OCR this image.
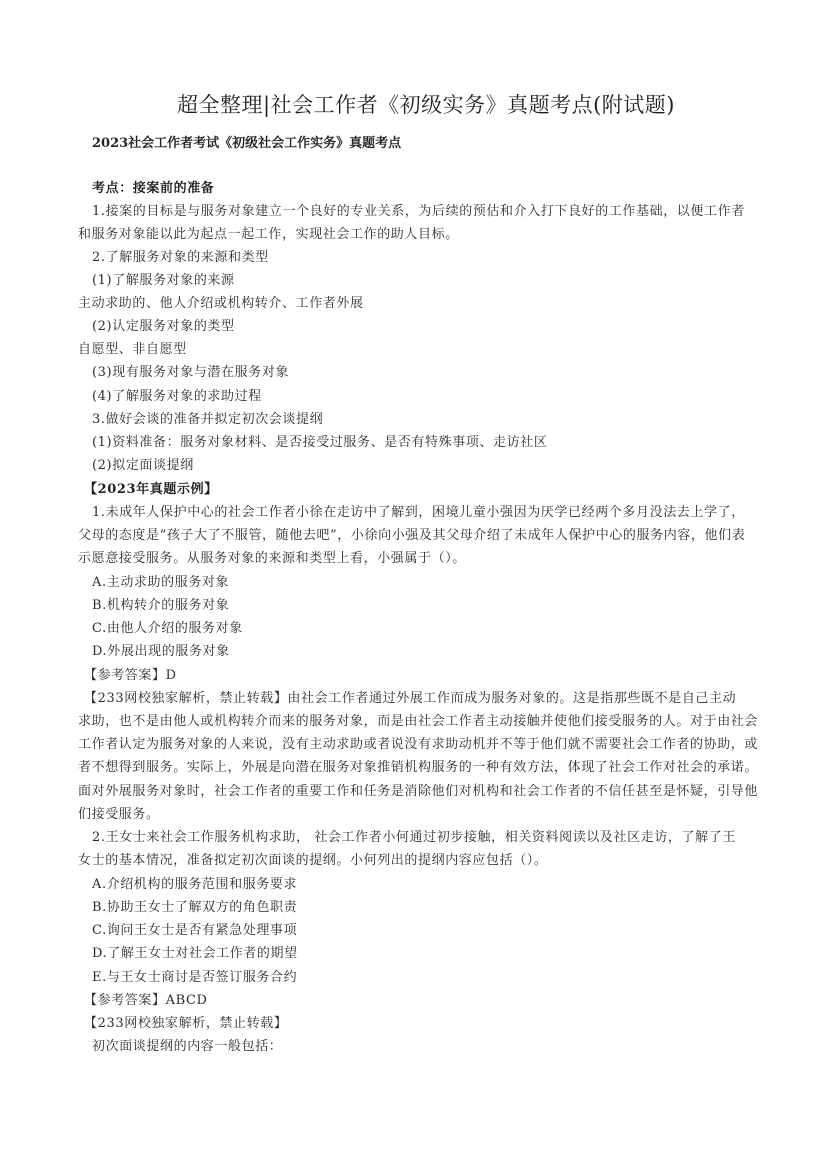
超全整理|社会工作者《初级实务》真题考点(附试题)
2023社会工作者考试《初级社会工作实务》真题考点
考点：接案前的准备
1.接案的目标是与服务对象建立一个良好的专业关系，为后续的预估和介入打下良好的工作基础，以便工作者
和服务对象能以此为起点一起工作，实现社会工作的助人目标。
2.了解服务对象的来源和类型
(1)了解服务对象的来源
主动求助的、他人介绍或机构转介、工作者外展
(2)认定服务对象的类型
自愿型、非自愿型
(3)现有服务对象与潜在服务对象
(4)了解服务对象的求助过程
3.做好会谈的准备并拟定初次会谈提纲
(1)资料准备：服务对象材料、是否接受过服务、是否有特殊事项、走访社区
(2)拟定面谈提纲
【2023年真题示例】
1.未成年人保护中心的社会工作者小徐在走访中了解到，困境儿童小强因为厌学已经两个多月没法去上学了，
父母的态度是“孩子大了不服管，随他去吧”，小徐向小强及其父母介绍了未成年人保护中心的服务内容，他们表
示愿意接受服务。从服务对象的来源和类型上看，小强属于（）。
A.主动求助的服务对象
B.机构转介的服务对象
C.由他人介绍的服务对象
D.外展出现的服务对象
【参考答案】D
【233网校独家解析，禁止转载】由社会工作者通过外展工作而成为服务对象的。这是指那些既不是自己主动
求助，也不是由他人或机构转介而来的服务对象，而是由社会工作者主动接触并使他们接受服务的人。对于由社会
工作者认定为服务对象的人来说，没有主动求助或者说没有求助动机并不等于他们就不需要社会工作者的协助，或
者不想得到服务。实际上，外展是向潜在服务对象推销机构服务的一种有效方法，体现了社会工作对社会的承诺。
面对外展服务对象时，社会工作者的重要工作和任务是消除他们对机构和社会工作者的不信任甚至是怀疑，引导他
们接受服务。
2.王女士来社会工作服务机构求助， 社会工作者小何通过初步接触，相关资料阅读以及社区走访，了解了王
女士的基本情况，准备拟定初次面谈的提纲。小何列出的提纲内容应包括（）。
A.介绍机构的服务范围和服务要求
B.协助王女士了解双方的角色职责
C.询问王女士是否有紧急处理事项
D.了解王女士对社会工作者的期望
E.与王女士商讨是否签订服务合约
【参考答案】ABCD
【233网校独家解析，禁止转载】
初次面谈提纲的内容一般包括：
